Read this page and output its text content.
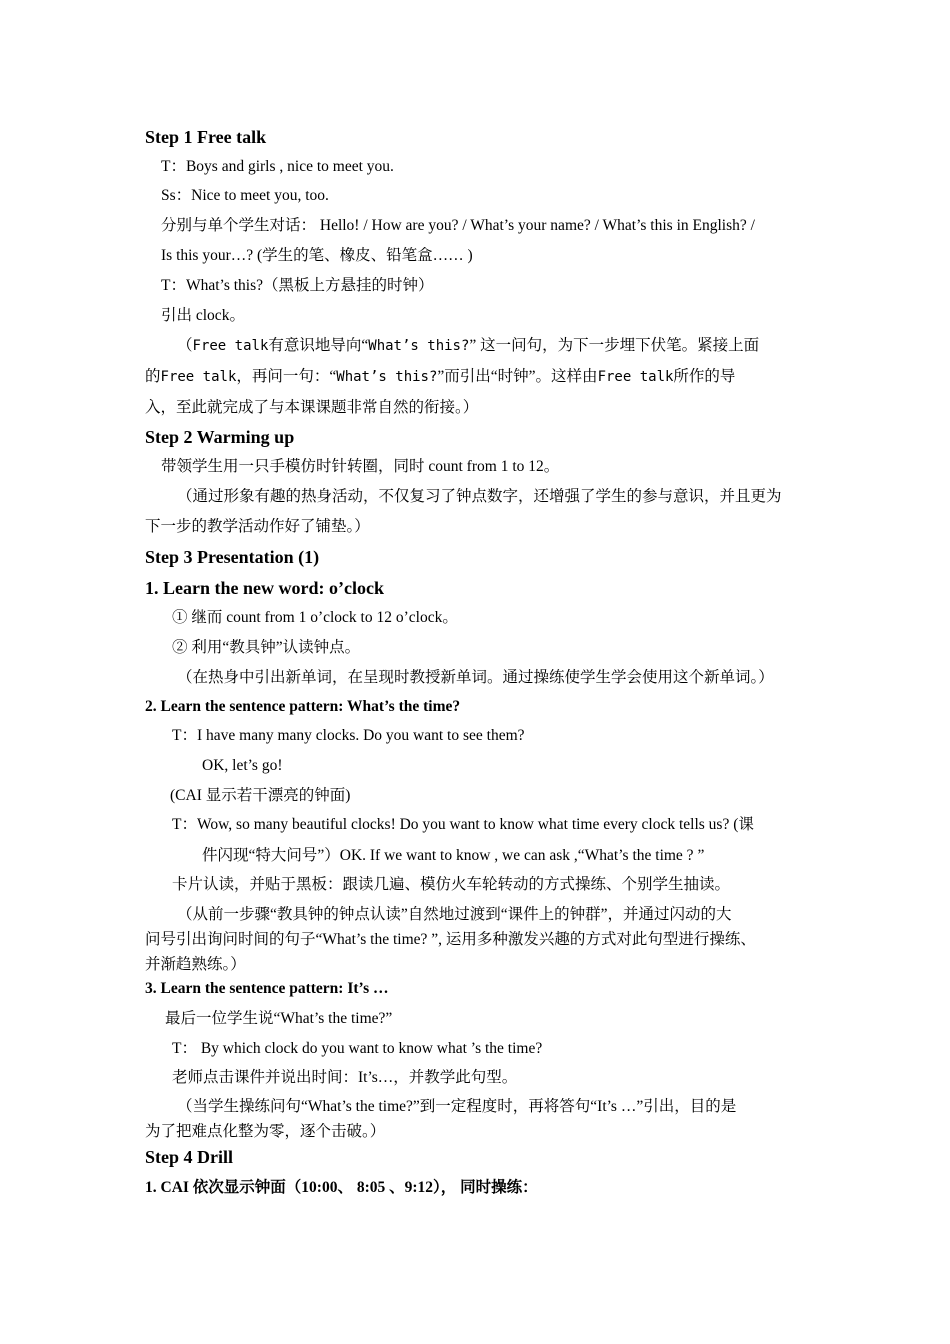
Step 1 Free talk
T：Boys and girls , nice to meet you.
Ss：Nice to meet you, too.
分别与单个学生对话： Hello! / How are you? / What’s your name? / What’s this in English? /
Is this your…? (学生的笔、橡皮、铅笔盒…… )
T：What’s this?（黑板上方悬挂的时钟）
引出 clock。
（Free talk有意识地导向“What’s this?” 这一问句，为下一步埋下伏笔。紧接上面
的Free talk，再问一句：“What’s this?”而引出“时钟”。这样由Free talk所作的导
入，至此就完成了与本课课题非常自然的衔接。）
Step 2 Warming up
带领学生用一只手模仿时针转圈，同时 count from 1 to 12。
（通过形象有趣的热身活动，不仅复习了钟点数字，还增强了学生的参与意识，并且更为
下一步的教学活动作好了铺垫。）
Step 3 Presentation (1)
1. Learn the new word: o’clock
① 继而 count from 1 o’clock to 12 o’clock。
② 利用“教具钟”认读钟点。
（在热身中引出新单词，在呈现时教授新单词。通过操练使学生学会使用这个新单词。）
2. Learn the sentence pattern: What’s the time?
T：I have many many clocks. Do you want to see them?
OK, let’s go!
(CAI 显示若干漂亮的钟面)
T：Wow, so many beautiful clocks! Do you want to know what time every clock tells us? (课
件闪现“特大问号”）OK. If we want to know , we can ask ,“What’s the time ? ”
卡片认读，并贴于黑板：跟读几遍、模仿火车轮转动的方式操练、个别学生抽读。
（从前一步骤“教具钟的钟点认读”自然地过渡到“课件上的钟群”，并通过闪动的大
问号引出询问时间的句子“What’s the time? ”, 运用多种激发兴趣的方式对此句型进行操练、
并渐趋熟练。）
3. Learn the sentence pattern: It’s …
最后一位学生说“What’s the time?”
T： By which clock do you want to know what ’s the time?
老师点击课件并说出时间：It’s…，并教学此句型。
（当学生操练问句“What’s the time?”到一定程度时，再将答句“It’s …”引出，目的是
为了把难点化整为零，逐个击破。）
Step 4 Drill
1. CAI 依次显示钟面（10:00、 8:05 、9:12）， 同时操练：
